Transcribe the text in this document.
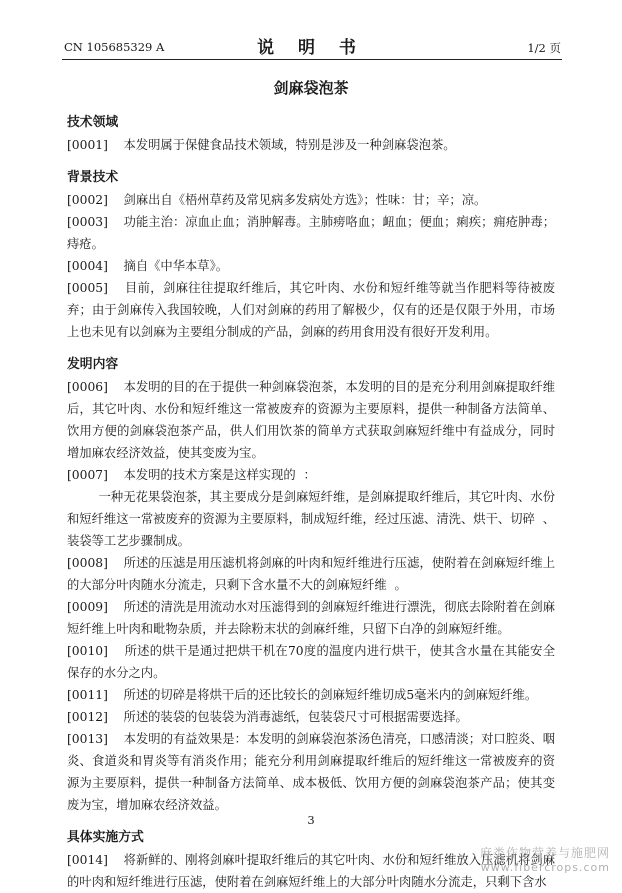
CN 105685329 A	说 明 书	1/2 页
剑麻袋泡茶
技术领域
[0001]    本发明属于保健食品技术领域，特别是涉及一种剑麻袋泡茶。
背景技术
[0002]    剑麻出自《梧州草药及常见病多发病处方选》；性味：甘；辛；凉。
[0003]    功能主治：凉血止血；消肿解毒。主肺痨咯血；衄血；便血；痢疾；痈疮肿毒；痔疮。
[0004]    摘自《中华本草》。
[0005]    目前，剑麻往往提取纤维后，其它叶肉、水份和短纤维等就当作肥料等待被废弃；由于剑麻传入我国较晚，人们对剑麻的药用了解极少，仅有的还是仅限于外用，市场上也未见有以剑麻为主要组分制成的产品，剑麻的药用食用没有很好开发利用。
发明内容
[0006]    本发明的目的在于提供一种剑麻袋泡茶，本发明的目的是充分利用剑麻提取纤维后，其它叶肉、水份和短纤维这一常被废弃的资源为主要原料，提供一种制备方法简单、饮用方便的剑麻袋泡茶产品，供人们用饮茶的简单方式获取剑麻短纤维中有益成分，同时增加麻农经济效益，使其变废为宝。
[0007]    本发明的技术方案是这样实现的  ：
一种无花果袋泡茶，其主要成分是剑麻短纤维，是剑麻提取纤维后，其它叶肉、水份和短纤维这一常被废弃的资源为主要原料，制成短纤维，经过压滤、清洗、烘干、切碎  、装袋等工艺步骤制成。
[0008]    所述的压滤是用压滤机将剑麻的叶肉和短纤维进行压滤，使附着在剑麻短纤维上的大部分叶肉随水分流走，只剩下含水量不大的剑麻短纤维  。
[0009]    所述的清洗是用流动水对压滤得到的剑麻短纤维进行漂洗，彻底去除附着在剑麻短纤维上叶肉和毗物杂质，并去除粉末状的剑麻纤维，只留下白净的剑麻短纤维。
[0010]    所述的烘干是通过把烘干机在70度的温度内进行烘干，使其含水量在其能安全保存的水分之内。
[0011]    所述的切碎是将烘干后的还比较长的剑麻短纤维切成5毫米内的剑麻短纤维。
[0012]    所述的装袋的包装袋为消毒滤纸，包装袋尺寸可根据需要选择。
[0013]    本发明的有益效果是：本发明的剑麻袋泡茶汤色清亮，口感清淡；对口腔炎、咽炎、食道炎和胃炎等有消炎作用；能充分利用剑麻提取纤维后的短纤维这一常被废弃的资源为主要原料，提供一种制备方法简单、成本极低、饮用方便的剑麻袋泡茶产品；使其变废为宝，增加麻农经济效益。
具体实施方式
[0014]    将新鲜的、刚将剑麻叶提取纤维后的其它叶肉、水份和短纤维放入压滤机将剑麻的叶肉和短纤维进行压滤，使附着在剑麻短纤维上的大部分叶肉随水分流走，只剩下含水
3
麻类作物营养与施肥网
www.fibercrops.com
